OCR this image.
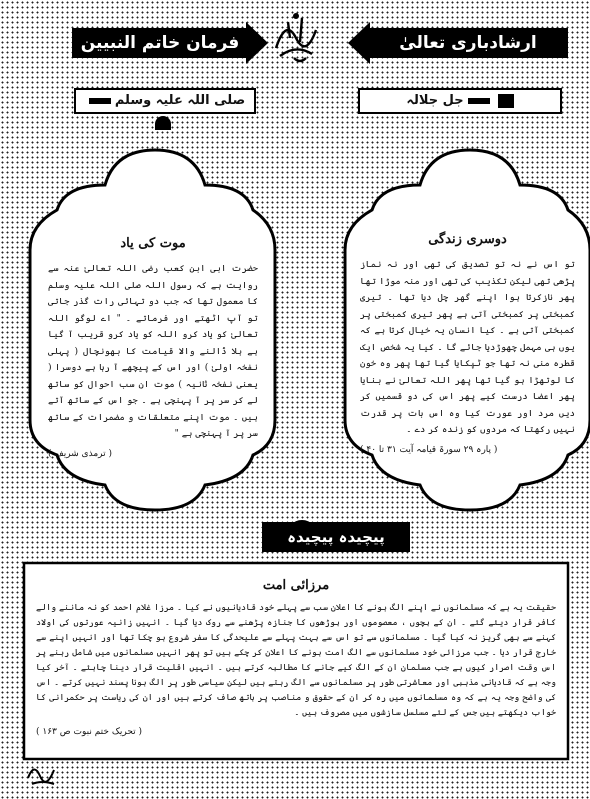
ارشادباری تعالیٰ
فرمان خاتم النبیین
جل جلالہ
صلی اللہ علیہ وسلم
دوسری زندگی
تو اس نے نہ تو تصدیق کی تھی اور نہ نماز پڑھی تھی لیکن تکذیب کی تھی اور منہ موڑا تھا پھر نازکرتا ہوا اپنے گھر چل دیا تھا ۔ تیری کمبختی پر کمبختی آتی ہے پھر تیری کمبختی پر کمبختی آتی ہے ۔ کیا انسان یہ خیال کرتا ہے کہ یوں ہی مہمل چھوڑدیا جائے گا ۔ کیا یہ شخص ایک قطرہ منی نہ تھا جو ٹپکایا گیا تھا پھر وہ خون کا لوتھڑا ہو گیا تھا پھر اللہ تعالیٰ نے بنایا پھر اعضا درست کیے پھر اس کی دو قسمیں کر دیں مرد اور عورت کیا وہ اس بات پر قدرت نہیں رکھتا کہ مردوں کو زندہ کر دے ۔
( پارہ ۲۹ سورۃ قیامہ آیت ۳۱ تا ۴۰ )
موت کی یاد
حضرت ابی ابن کعب رضی اللہ تعالیٰ عنہ سے روایت ہے کہ رسول اللہ صلی اللہ علیہ وسلم کا معمول تھا کہ جب دو تہائی رات گذر جاتی تو آپ اٹھتے اور فرماتے ۔ " اے لوگو اللہ تعالیٰ کو یاد کرو اللہ کو یاد کرو قریب آ گیا ہے ہلا ڈالنے والا قیامت کا بھونچال ( پہلی نفخہ اولیٰ ) اور اس کے پیچھے آ رہا ہے دوسرا ( یعنی نفخہ ثانیہ ) موت ان سب احوال کو ساتھ لے کر سر پر آ پہنچی ہے ۔ جو اس کے ساتھ آتے ہیں ۔ موت اپنے متعلقات و مضمرات کے ساتھ سر پر آ پہنچی ہے "
( ترمذی شریف )
پیچیدہ پیچیدہ
مرزائی امت
حقیقت یہ ہے کہ مسلمانوں نے اپنے الگ ہونے کا اعلان سب سے پہلے خود قادیانیوں نے کیا ۔ مرزا غلام احمد کو نہ ماننے والے کافر قرار دیئے گئے ۔ ان کے بچوں ، معصوموں اور بوڑھوں کا جنازہ پڑھنے سے روک دیا گیا ۔ انہیں زانیہ عورتوں کی اولاد کہنے سے بھی گریز نہ کیا گیا ۔ مسلمانوں سے تو اس سے بہت پہلے سے علیحدگی کا سفر شروع ہو چکا تھا اور انہیں اپنے سے خارج قرار دیا ۔ جب مرزائی خود مسلمانوں سے الگ امت ہونے کا اعلان کر چکے ہیں تو پھر انہیں مسلمانوں میں شامل رہنے پر اس وقت اصرار کیوں ہے جب مسلمان ان کے الگ کیے جانے کا مطالبہ کرتے ہیں ۔ انہیں اقلیت قرار دینا چاہئے ۔ آخر کیا وجہ ہے کہ قادیانی مذہبی اور معاشرتی طور پر مسلمانوں سے الگ رہتے ہیں لیکن سیاسی طور پر الگ ہونا پسند نہیں کرتے ۔ اس کی واضح وجہ یہ ہے کہ وہ مسلمانوں میں رہ کر ان کے حقوق و مناصب پر ہاتھ صاف کرتے ہیں اور ان کی ریاست پر حکمرانی کا خواب دیکھتے ہیں جس کے لئے مسلسل سازشوں میں مصروف ہیں ۔
( تحریک ختم نبوت ص ۱۶۳ )
